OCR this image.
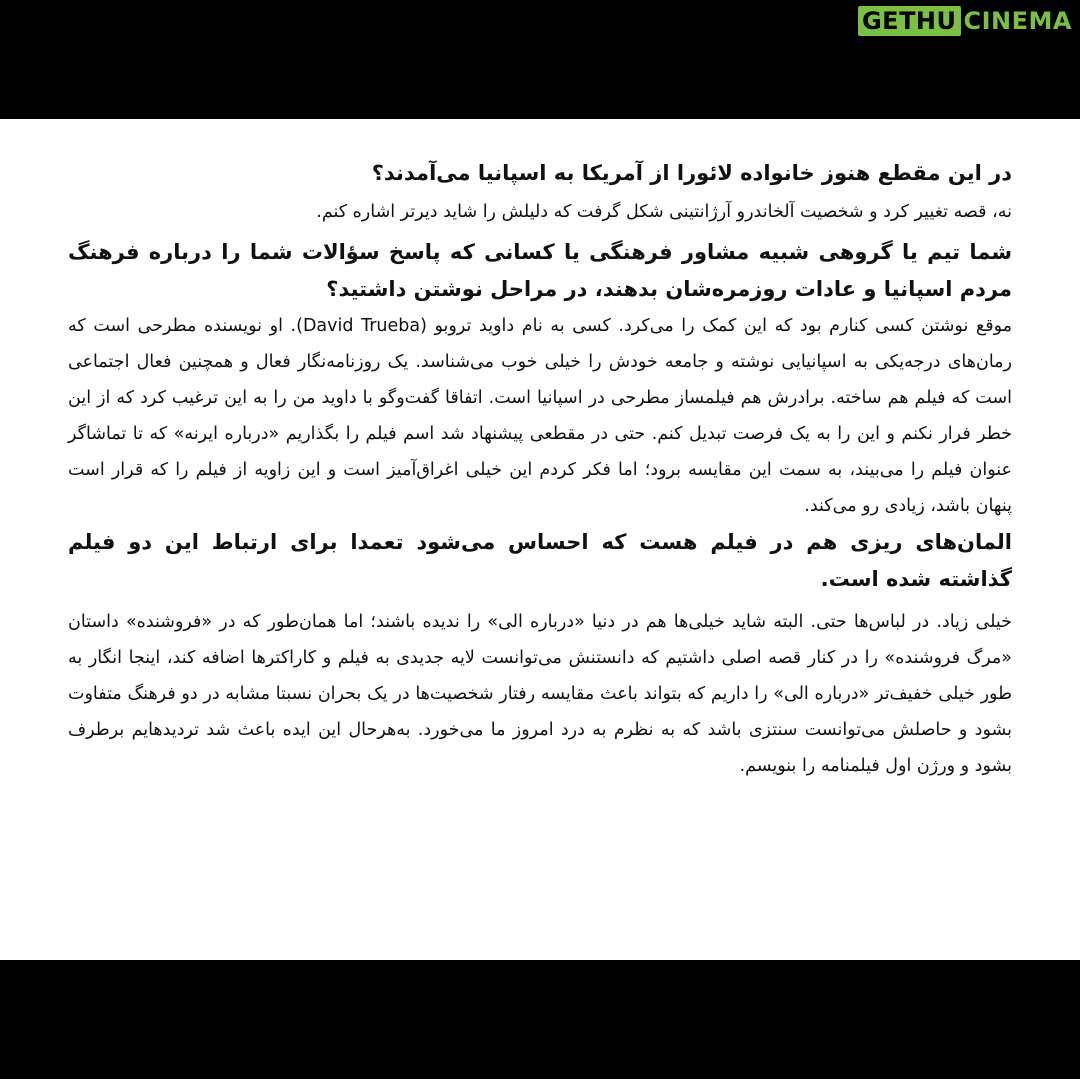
GETHU CINEMA

در این مقطع هنوز خانواده لائورا از آمریکا به اسپانیا می‌آمدند؟

نه، قصه تغییر کرد و شخصیت آلخاندرو آرژانتینی شکل گرفت که دلیلش را شاید دیرتر اشاره کنم.

شما تیم یا گروهی شبیه مشاور فرهنگی یا کسانی که پاسخ سؤالات شما را درباره فرهنگ مردم اسپانیا و عادات روزمره‌شان بدهند، در مراحل نوشتن داشتید؟

موقع نوشتن کسی کنارم بود که این کمک را می‌کرد. کسی به نام داوید تروبو (David Trueba). او نویسنده مطرحی است که رمان‌های درجه‌یکی به اسپانیایی نوشته و جامعه خودش را خیلی خوب می‌شناسد. یک روزنامه‌نگار فعال و همچنین فعال اجتماعی است که فیلم هم ساخته. برادرش هم فیلمساز مطرحی در اسپانیا است. اتفاقا گفت‌وگو با داوید من را به این ترغیب کرد که از این خطر فرار نکنم و این را به یک فرصت تبدیل کنم. حتی در مقطعی پیشنهاد شد اسم فیلم را بگذاریم «درباره ایرنه» که تا تماشاگر عنوان فیلم را می‌بیند، به سمت این مقایسه برود؛ اما فکر کردم این خیلی اغراق‌آمیز است و این زاویه از فیلم را که قرار است پنهان باشد، زیادی رو می‌کند.

المان‌های ریزی هم در فیلم هست که احساس می‌شود تعمدا برای ارتباط این دو فیلم گذاشته شده است.

خیلی زیاد. در لباس‌ها حتی. البته شاید خیلی‌ها هم در دنیا «درباره الی» را ندیده باشند؛ اما همان‌طور که در «فروشنده» داستان «مرگ فروشنده» را در کنار قصه اصلی داشتیم که دانستنش می‌توانست لایه جدیدی به فیلم و کاراکترها اضافه کند، اینجا انگار به طور خیلی خفیف‌تر «درباره الی» را داریم که بتواند باعث مقایسه رفتار شخصیت‌ها در یک بحران نسبتا مشابه در دو فرهنگ متفاوت بشود و حاصلش می‌توانست سنتزی باشد که به نظرم به درد امروز ما می‌خورد. به‌هرحال این ایده باعث شد تردیدهایم برطرف بشود و ورژن اول فیلمنامه را بنویسم.
